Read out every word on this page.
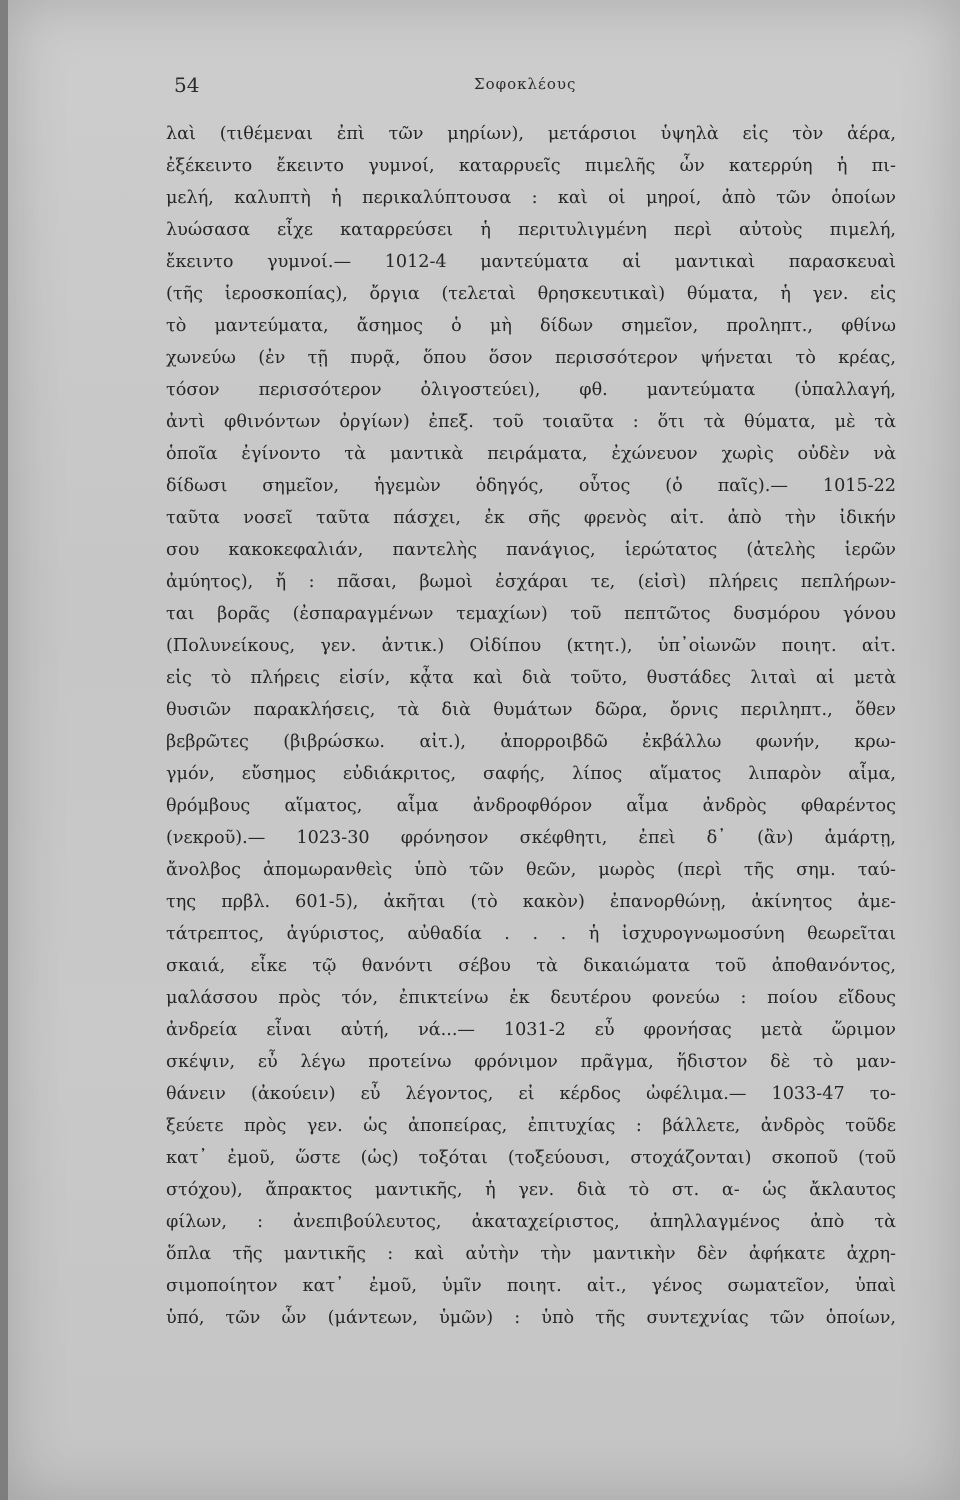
54	Σοφοκλέους
λαὶ (τιθέμεναι ἐπὶ τῶν μηρίων), μετάρσιοι ὑψηλὰ εἰς τὸν ἀέρα,
ἐξέκειντο ἔκειντο γυμνοί, καταρρυεῖς πιμελῆς ὧν κατερρύη ἡ πι-
μελή, καλυπτὴ ἡ περικαλύπτουσα : καὶ οἱ μηροί, ἀπὸ τῶν ὁποίων
λυώσασα εἶχε καταρρεύσει ἡ περιτυλιγμένη περὶ αὐτοὺς πιμελή,
ἔκειντο γυμνοί.— 1012-4 μαντεύματα αἱ μαντικαὶ παρασκευαὶ
(τῆς ἱεροσκοπίας), ὄργια (τελεταὶ θρησκευτικαὶ) θύματα, ἡ γεν. εἰς
τὸ μαντεύματα, ἄσημος ὁ μὴ δίδων σημεῖον, προληπτ., φθίνω
χωνεύω (ἐν τῇ πυρᾷ, ὅπου ὅσον περισσότερον ψήνεται τὸ κρέας,
τόσον περισσότερον ὀλιγοστεύει), φθ. μαντεύματα (ὑπαλλαγή,
ἀντὶ φθινόντων ὀργίων) ἐπεξ. τοῦ τοιαῦτα : ὅτι τὰ θύματα, μὲ τὰ
ὁποῖα ἐγίνοντο τὰ μαντικὰ πειράματα, ἐχώνευον χωρὶς οὐδὲν νὰ
δίδωσι σημεῖον, ἡγεμὼν ὁδηγός, οὗτος (ὁ παῖς).— 1015-22
ταῦτα νοσεῖ ταῦτα πάσχει, ἐκ σῆς φρενὸς αἰτ. ἀπὸ τὴν ἰδικήν
σου κακοκεφαλιάν, παντελὴς πανάγιος, ἱερώτατος (ἀτελὴς ἱερῶν
ἀμύητος), ἤ : πᾶσαι, βωμοὶ ἐσχάραι τε, (εἰσὶ) πλήρεις πεπλήρων-
ται βορᾶς (ἐσπαραγμένων τεμαχίων) τοῦ πεπτῶτος δυσμόρου γόνου
(Πολυνείκους, γεν. ἀντικ.) Οἰδίπου (κτητ.), ὑπ᾽οἰωνῶν ποιητ. αἰτ.
εἰς τὸ πλήρεις εἰσίν, κᾆτα καὶ διὰ τοῦτο, θυστάδες λιταὶ αἱ μετὰ
θυσιῶν παρακλήσεις, τὰ διὰ θυμάτων δῶρα, ὄρνις περιληπτ., ὅθεν
βεβρῶτες (βιβρώσκω. αἰτ.), ἀπορροιβδῶ ἐκβάλλω φωνήν, κρω-
γμόν, εὔσημος εὐδιάκριτος, σαφής, λίπος αἵματος λιπαρὸν αἷμα,
θρόμβους αἵματος, αἷμα ἀνδροφθόρον αἷμα ἀνδρὸς φθαρέντος
(νεκροῦ).— 1023-30 φρόνησον σκέφθητι, ἐπεὶ δ᾽ (ἂν) ἁμάρτῃ,
ἄνολβος ἀπομωρανθεὶς ὑπὸ τῶν θεῶν, μωρὸς (περὶ τῆς σημ. ταύ-
της πρβλ. 601-5), ἀκῆται (τὸ κακὸν) ἐπανορθώνῃ, ἀκίνητος ἀμε-
τάτρεπτος, ἀγύριστος, αὐθαδία . . . ἡ ἰσχυρογνωμοσύνη θεωρεῖται
σκαιά, εἶκε τῷ θανόντι σέβου τὰ δικαιώματα τοῦ ἀποθανόντος,
μαλάσσου πρὸς τόν, ἐπικτείνω ἐκ δευτέρου φονεύω : ποίου εἴδους
ἀνδρεία εἶναι αὐτή, νά...— 1031-2 εὖ φρονήσας μετὰ ὥριμον
σκέψιν, εὖ λέγω προτείνω φρόνιμον πρᾶγμα, ἥδιστον δὲ τὸ μαν-
θάνειν (ἀκούειν) εὖ λέγοντος, εἰ κέρδος ὠφέλιμα.— 1033-47 το-
ξεύετε πρὸς γεν. ὡς ἀποπείρας, ἐπιτυχίας : βάλλετε, ἀνδρὸς τοῦδε
κατ᾽ ἐμοῦ, ὥστε (ὡς) τοξόται (τοξεύουσι, στοχάζονται) σκοποῦ (τοῦ
στόχου), ἄπρακτος μαντικῆς, ἡ γεν. διὰ τὸ στ. α- ὡς ἄκλαυτος
φίλων, : ἀνεπιβούλευτος, ἀκαταχείριστος, ἀπηλλαγμένος ἀπὸ τὰ
ὅπλα τῆς μαντικῆς : καὶ αὐτὴν τὴν μαντικὴν δὲν ἀφήκατε ἀχρη-
σιμοποίητον κατ᾽ ἐμοῦ, ὑμῖν ποιητ. αἰτ., γένος σωματεῖον, ὑπαὶ
ὑπό, τῶν ὧν (μάντεων, ὑμῶν) : ὑπὸ τῆς συντεχνίας τῶν ὁποίων,
